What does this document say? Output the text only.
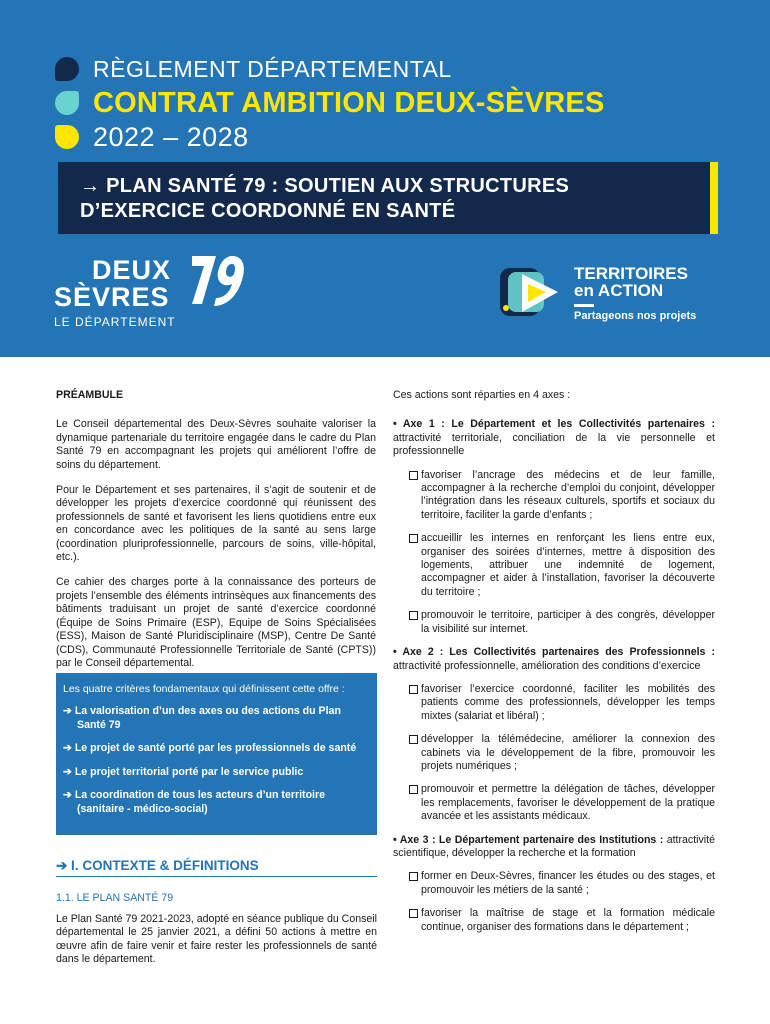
RÈGLEMENT DÉPARTEMENTAL
CONTRAT AMBITION DEUX-SÈVRES
2022 – 2028
→ PLAN SANTÉ 79 : SOUTIEN AUX STRUCTURES
D’EXERCICE COORDONNÉ EN SANTÉ
DEUX
SÈVRES	79
LE DÉPARTEMENT
TERRITOIRES
en ACTION
Partageons nos projets
PRÉAMBULE

Le Conseil départemental des Deux-Sèvres souhaite valoriser la dynamique partenariale du territoire engagée dans le cadre du Plan Santé 79 en accompagnant les projets qui améliorent l’offre de soins du département.

Pour le Département et ses partenaires, il s’agit de soutenir et de développer les projets d’exercice coordonné qui réunissent des professionnels de santé et favorisent les liens quotidiens entre eux en concordance avec les politiques de la santé au sens large (coordination pluriprofessionnelle, parcours de soins, ville-hôpital, etc.).

Ce cahier des charges porte à la connaissance des porteurs de projets l’ensemble des éléments intrinsèques aux financements des bâtiments traduisant un projet de santé d’exercice coordonné (Équipe de Soins Primaire (ESP), Equipe de Soins Spécialisées (ESS), Maison de Santé Pluridisciplinaire (MSP), Centre De Santé (CDS), Communauté Professionnelle Territoriale de Santé (CPTS)) par le Conseil départemental.

Les quatre critères fondamentaux qui définissent cette offre :
➔ La valorisation d’un des axes ou des actions du Plan Santé 79
➔ Le projet de santé porté par les professionnels de santé
➔ Le projet territorial porté par le service public
➔ La coordination de tous les acteurs d’un territoire (sanitaire - médico-social)
➔ I. CONTEXTE & DÉFINITIONS
1.1. LE PLAN SANTÉ 79

Le Plan Santé 79 2021-2023, adopté en séance publique du Conseil départemental le 25 janvier 2021, a défini 50 actions à mettre en œuvre afin de faire venir et faire rester les professionnels de santé dans le département.

Ces actions sont réparties en 4 axes :

• Axe 1 : Le Département et les Collectivités partenaires : attractivité territoriale, conciliation de la vie personnelle et professionnelle

favoriser l’ancrage des médecins et de leur famille, accompagner à la recherche d’emploi du conjoint, développer l’intégration dans les réseaux culturels, sportifs et sociaux du territoire, faciliter la garde d’enfants ;
accueillir les internes en renforçant les liens entre eux, organiser des soirées d’internes, mettre à disposition des logements, attribuer une indemnité de logement, accompagner et aider à l’installation, favoriser la découverte du territoire ;
promouvoir le territoire, participer à des congrès, développer la visibilité sur internet.

• Axe 2 : Les Collectivités partenaires des Professionnels : attractivité professionnelle, amélioration des conditions d’exercice

favoriser l’exercice coordonné, faciliter les mobilités des patients comme des professionnels, développer les temps mixtes (salariat et libéral) ;
développer la télémédecine, améliorer la connexion des cabinets via le développement de la fibre, promouvoir les projets numériques ;
promouvoir et permettre la délégation de tâches, développer les remplacements, favoriser le développement de la pratique avancée et les assistants médicaux.

• Axe 3 : Le Département partenaire des Institutions : attractivité scientifique, développer la recherche et la formation

former en Deux-Sèvres, financer les études ou des stages, et promouvoir les métiers de la santé ;
favoriser la maîtrise de stage et la formation médicale continue, organiser des formations dans le département ;
